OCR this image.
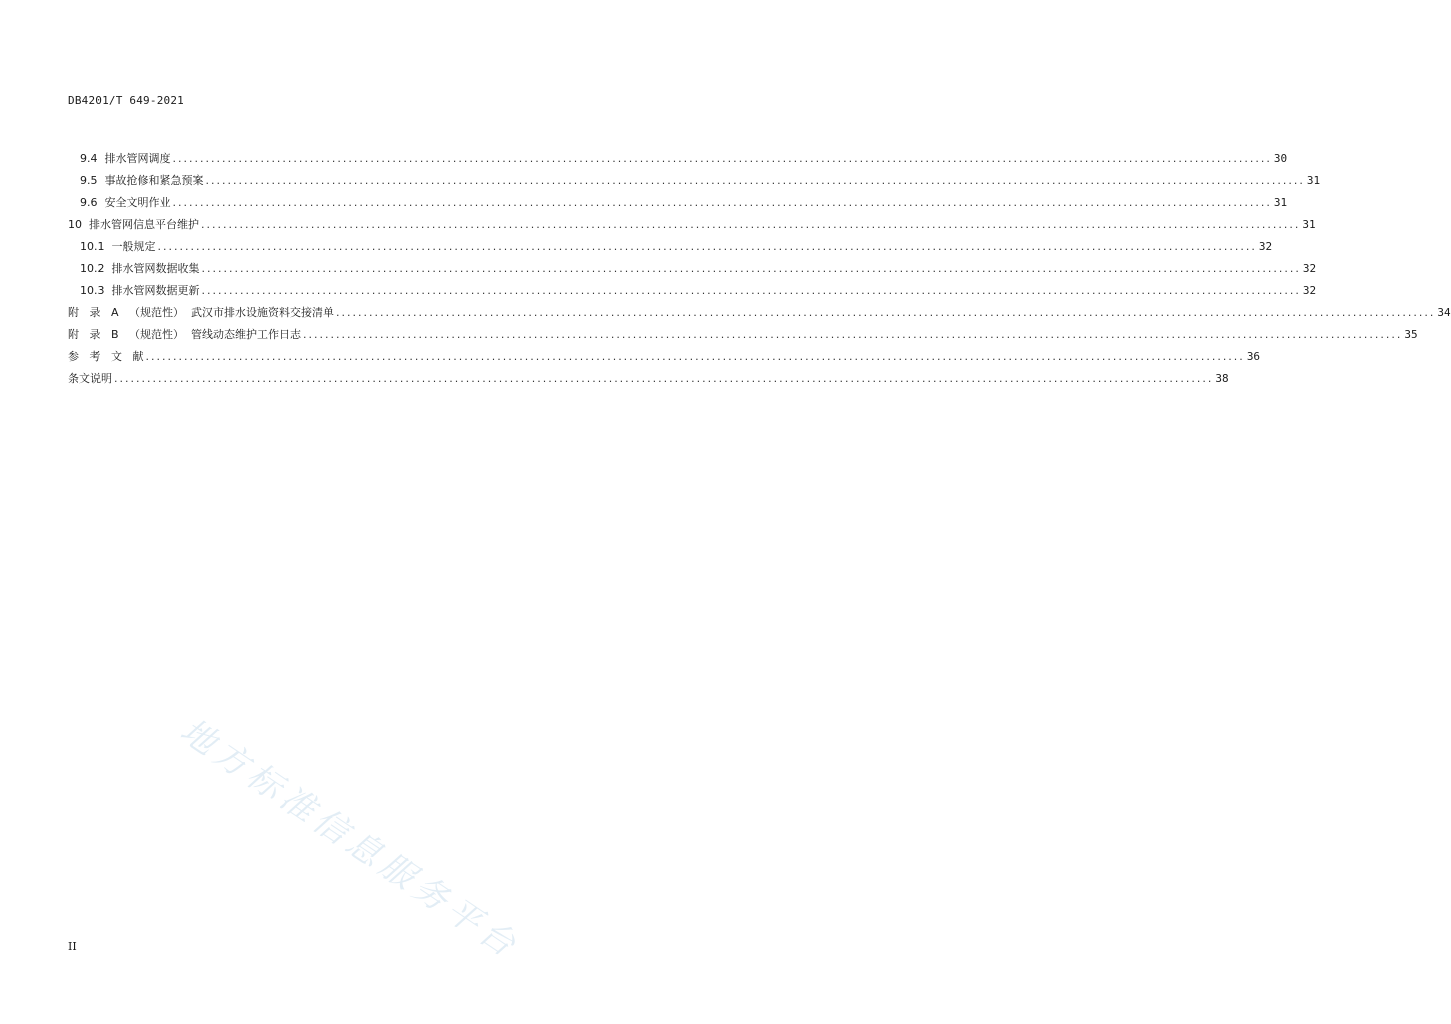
DB4201/T 649-2021
9.4  排水管网调度 ........................................................................................................................................................................................................ 30
9.5  事故抢修和紧急预案 ........................................................................................................................................................................................................ 31
9.6  安全文明作业 ........................................................................................................................................................................................................ 31
10  排水管网信息平台维护 ........................................................................................................................................................................................................ 31
10.1  一般规定 ........................................................................................................................................................................................................ 32
10.2  排水管网数据收集 ........................................................................................................................................................................................................ 32
10.3  排水管网数据更新 ........................................................................................................................................................................................................ 32
附   录   A   （规范性）  武汉市排水设施资料交接清单 ........................................................................................................................................................................................................ 34
附   录   B   （规范性）  管线动态维护工作日志 ........................................................................................................................................................................................................ 35
参   考   文   献 ........................................................................................................................................................................................................ 36
条文说明 ........................................................................................................................................................................................................ 38
II	地方标准信息服务平台
